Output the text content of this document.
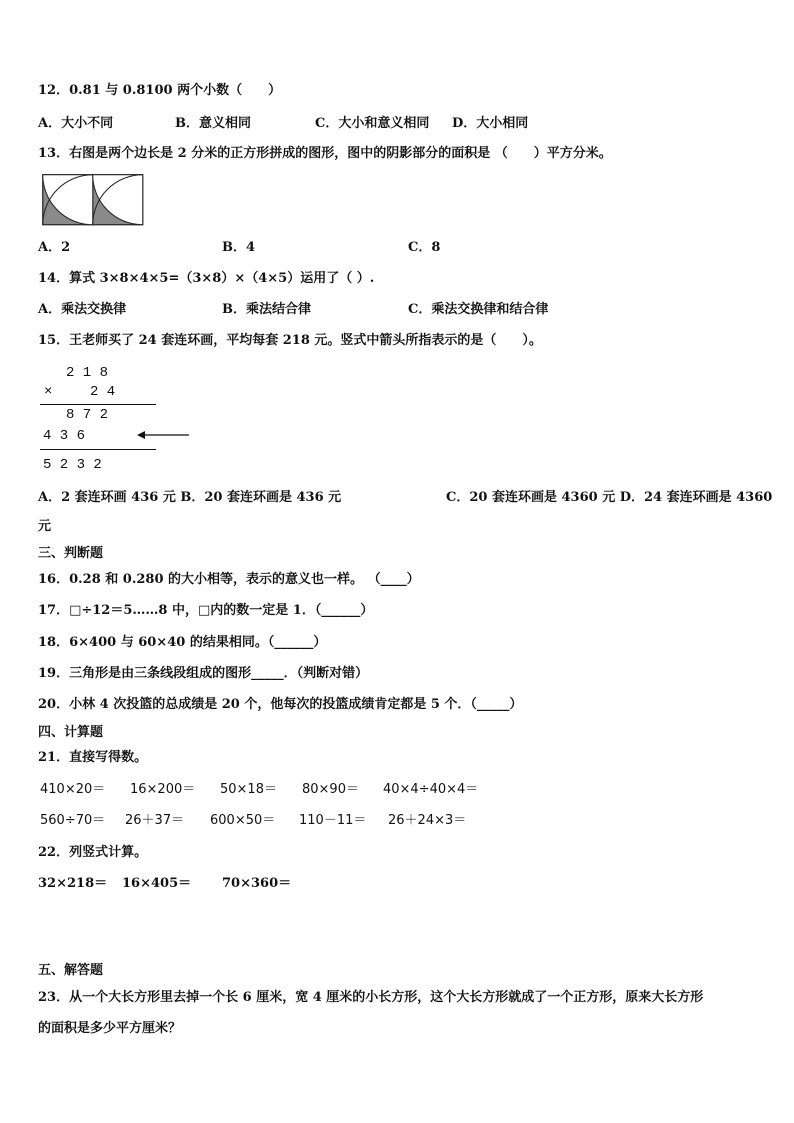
12．0.81 与 0.8100 两个小数（　　）
A．大小不同	B．意义相同	C．大小和意义相同 D．大小相同
13．右图是两个边长是 2 分米的正方形拼成的图形，图中的阴影部分的面积是 （　　）平方分米。
A．2	B．4	C．8
14．算式 3×8×4×5=（3×8）×（4×5）运用了（ ）.
A．乘法交换律	B．乘法结合律	C．乘法交换律和结合律
15．王老师买了 24 套连环画，平均每套 218 元。竖式中箭头所指表示的是（　　）。
2 1 8
×	2 4
8 7 2
4 3 6
5 2 3 2
A．2 套连环画 436 元 B．20 套连环画是 436 元	C．20 套连环画是 4360 元 D．24 套连环画是 4360
元
三、判断题
16．0.28 和 0.280 的大小相等，表示的意义也一样。 （____）
17．□÷12＝5……8 中，□内的数一定是 1．（______）
18．6×400 与 60×40 的结果相同。（______）
19．三角形是由三条线段组成的图形_____．（判断对错）
20．小林 4 次投篮的总成绩是 20 个，他每次的投篮成绩肯定都是 5 个．（_____）
四、计算题
21．直接写得数。
410×20＝ 16×200＝ 50×18＝ 80×90＝ 40×4÷40×4＝
560÷70＝ 26＋37＝ 600×50＝ 110－11＝ 26＋24×3＝
22．列竖式计算。
32×218＝ 16×405＝ 70×360＝
五、解答题
23．从一个大长方形里去掉一个长 6 厘米，宽 4 厘米的小长方形，这个大长方形就成了一个正方形，原来大长方形
的面积是多少平方厘米？
